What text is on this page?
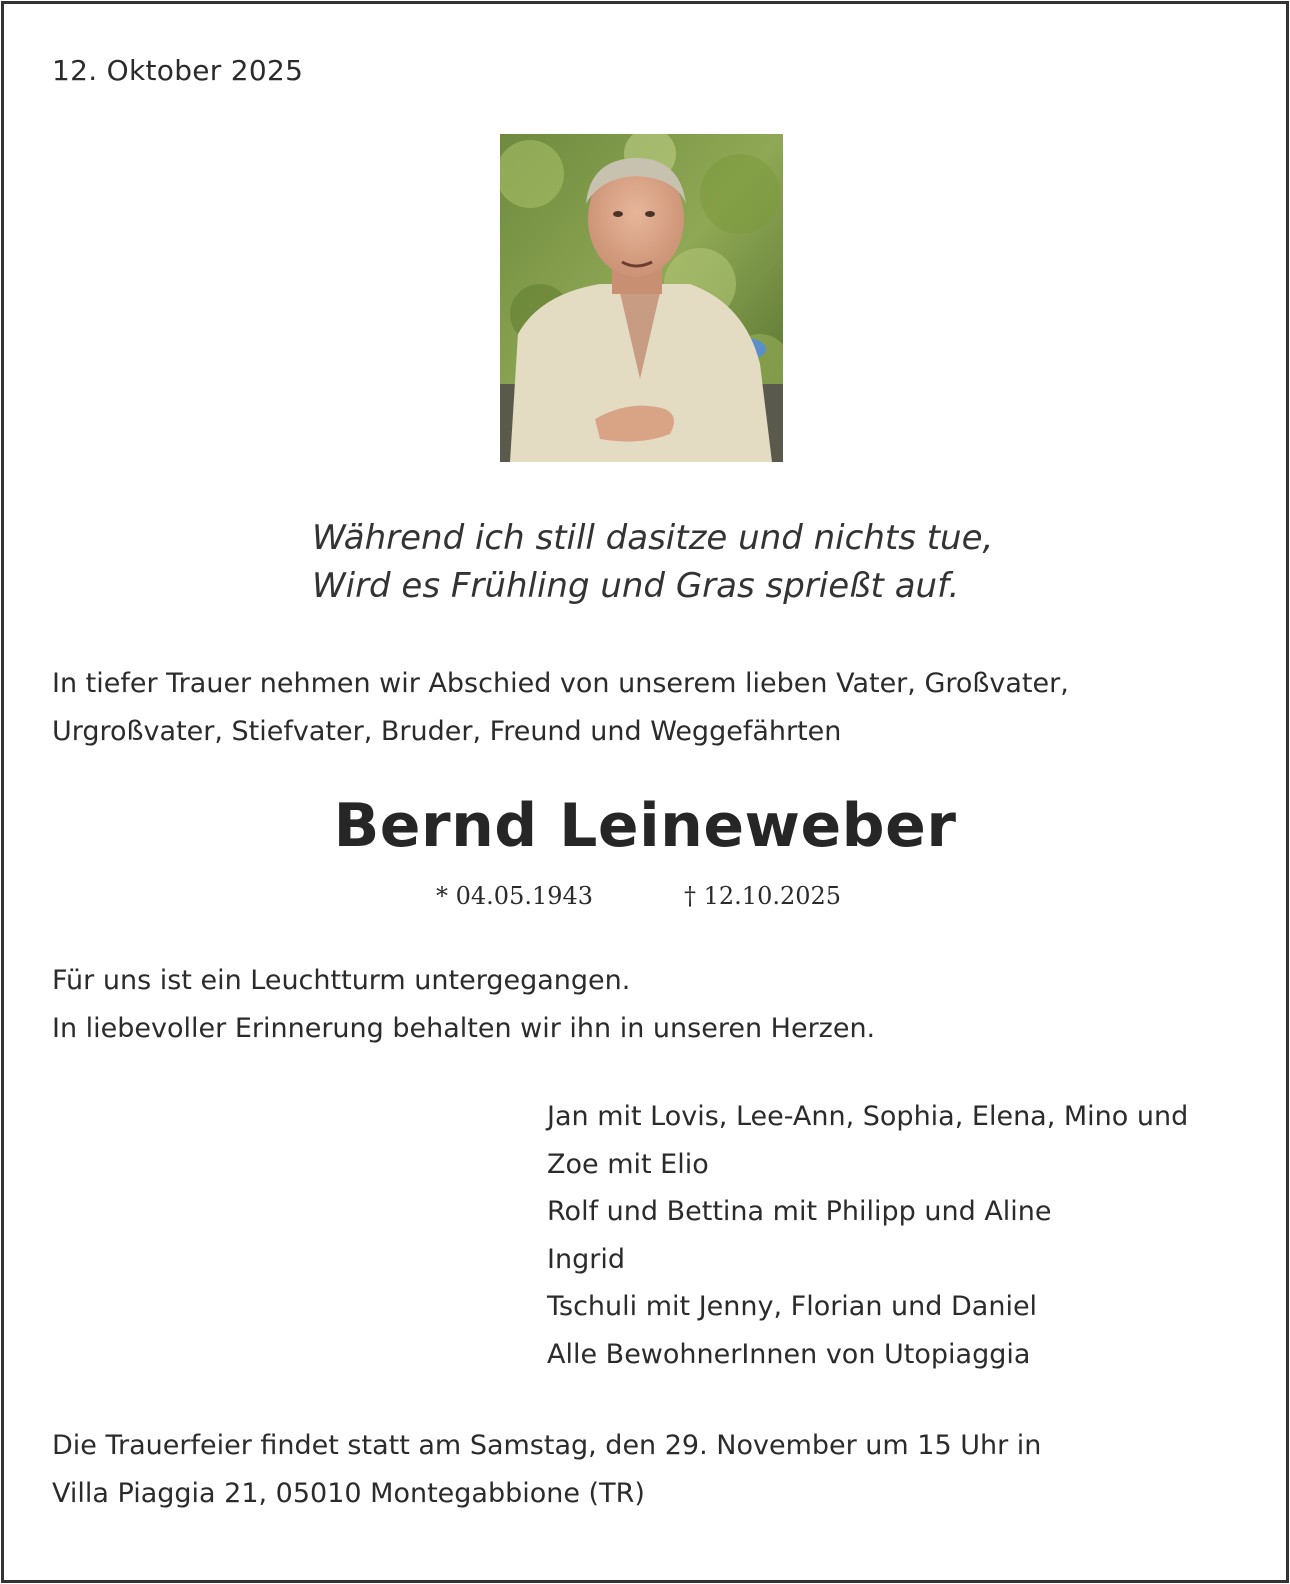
12. Oktober 2025
Während ich still dasitze und nichts tue,
Wird es Frühling und Gras sprießt auf.
In tiefer Trauer nehmen wir Abschied von unserem lieben Vater, Großvater,
Urgroßvater, Stiefvater, Bruder, Freund und Weggefährten
Bernd Leineweber
* 04.05.1943	† 12.10.2025
Für uns ist ein Leuchtturm untergegangen.
In liebevoller Erinnerung behalten wir ihn in unseren Herzen.
Jan mit Lovis, Lee-Ann, Sophia, Elena, Mino und
Zoe mit Elio
Rolf und Bettina mit Philipp und Aline
Ingrid
Tschuli mit Jenny, Florian und Daniel
Alle BewohnerInnen von Utopiaggia
Die Trauerfeier findet statt am Samstag, den 29. November um 15 Uhr in
Villa Piaggia 21, 05010 Montegabbione (TR)
